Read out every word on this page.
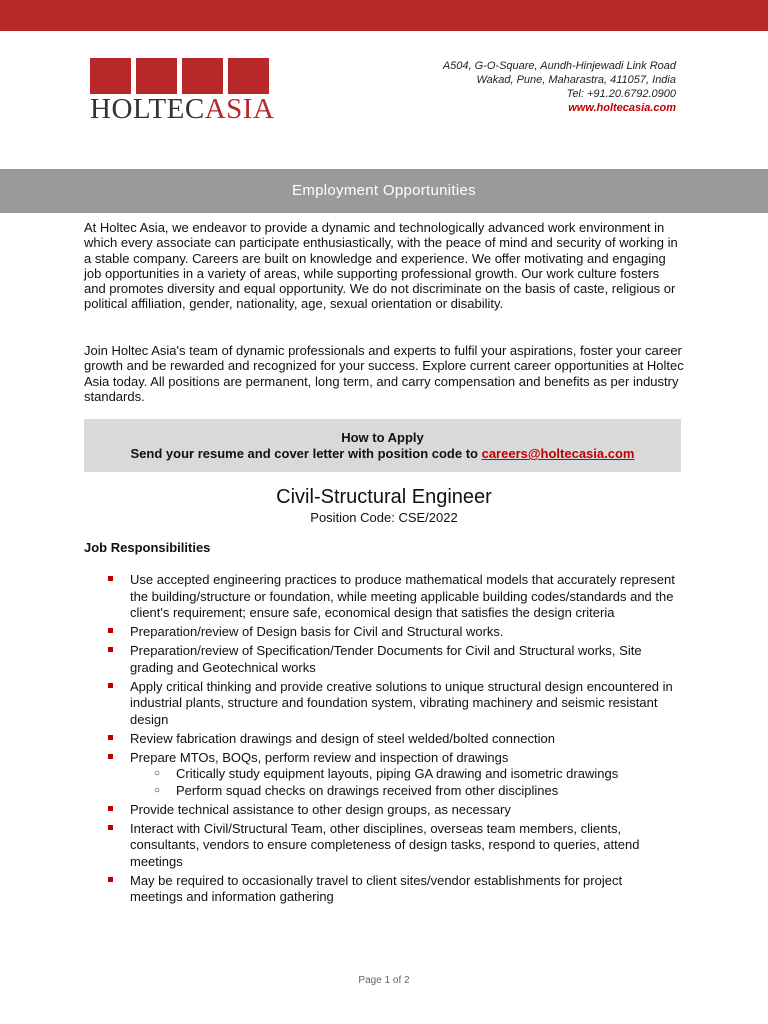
HOLTECASIA
A504, G-O-Square, Aundh-Hinjewadi Link Road
Wakad, Pune, Maharastra, 411057, India
Tel: +91.20.6792.0900
www.holtecasia.com
Employment Opportunities
At Holtec Asia, we endeavor to provide a dynamic and technologically advanced work environment in which every associate can participate enthusiastically, with the peace of mind and security of working in a stable company. Careers are built on knowledge and experience. We offer motivating and engaging job opportunities in a variety of areas, while supporting professional growth. Our work culture fosters and promotes diversity and equal opportunity. We do not discriminate on the basis of caste, religious or political affiliation, gender, nationality, age, sexual orientation or disability.
Join Holtec Asia's team of dynamic professionals and experts to fulfil your aspirations, foster your career growth and be rewarded and recognized for your success. Explore current career opportunities at Holtec Asia today. All positions are permanent, long term, and carry compensation and benefits as per industry standards.
How to Apply
Send your resume and cover letter with position code to careers@holtecasia.com
Civil-Structural Engineer
Position Code: CSE/2022
Job Responsibilities
Use accepted engineering practices to produce mathematical models that accurately represent the building/structure or foundation, while meeting applicable building codes/standards and the client's requirement; ensure safe, economical design that satisfies the design criteria
Preparation/review of Design basis for Civil and Structural works.
Preparation/review of Specification/Tender Documents for Civil and Structural works, Site grading and Geotechnical works
Apply critical thinking and provide creative solutions to unique structural design encountered in industrial plants, structure and foundation system, vibrating machinery and seismic resistant design
Review fabrication drawings and design of steel welded/bolted connection
Prepare MTOs, BOQs, perform review and inspection of drawings
○ Critically study equipment layouts, piping GA drawing and isometric drawings
○ Perform squad checks on drawings received from other disciplines
Provide technical assistance to other design groups, as necessary
Interact with Civil/Structural Team, other disciplines, overseas team members, clients, consultants, vendors to ensure completeness of design tasks, respond to queries, attend meetings
May be required to occasionally travel to client sites/vendor establishments for project meetings and information gathering
Page 1 of 2
